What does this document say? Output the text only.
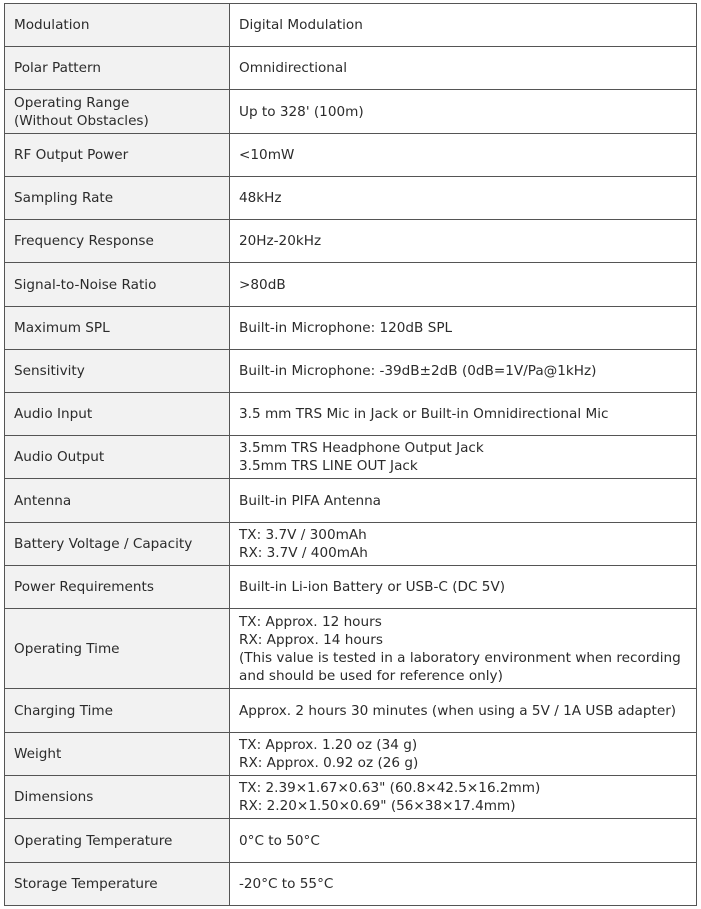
Modulation	Digital Modulation

Polar Pattern	Omnidirectional

Operating Range
(Without Obstacles)	Up to 328' (100m)

RF Output Power	<10mW

Sampling Rate	48kHz

Frequency Response	20Hz-20kHz

Signal-to-Noise Ratio	>80dB

Maximum SPL	Built-in Microphone: 120dB SPL

Sensitivity	Built-in Microphone: -39dB±2dB (0dB=1V/Pa@1kHz)

Audio Input	3.5 mm TRS Mic in Jack or Built-in Omnidirectional Mic

Audio Output	3.5mm TRS Headphone Output Jack
3.5mm TRS LINE OUT Jack

Antenna	Built-in PIFA Antenna

Battery Voltage / Capacity	TX: 3.7V / 300mAh
RX: 3.7V / 400mAh

Power Requirements	Built-in Li-ion Battery or USB-C (DC 5V)

Operating Time	TX: Approx. 12 hours
RX: Approx. 14 hours
(This value is tested in a laboratory environment when recording and should be used for reference only)

Charging Time	Approx. 2 hours 30 minutes (when using a 5V / 1A USB adapter)

Weight	TX: Approx. 1.20 oz (34 g)
RX: Approx. 0.92 oz (26 g)

Dimensions	TX: 2.39×1.67×0.63" (60.8×42.5×16.2mm)
RX: 2.20×1.50×0.69" (56×38×17.4mm)

Operating Temperature	0°C to 50°C

Storage Temperature	-20°C to 55°C
